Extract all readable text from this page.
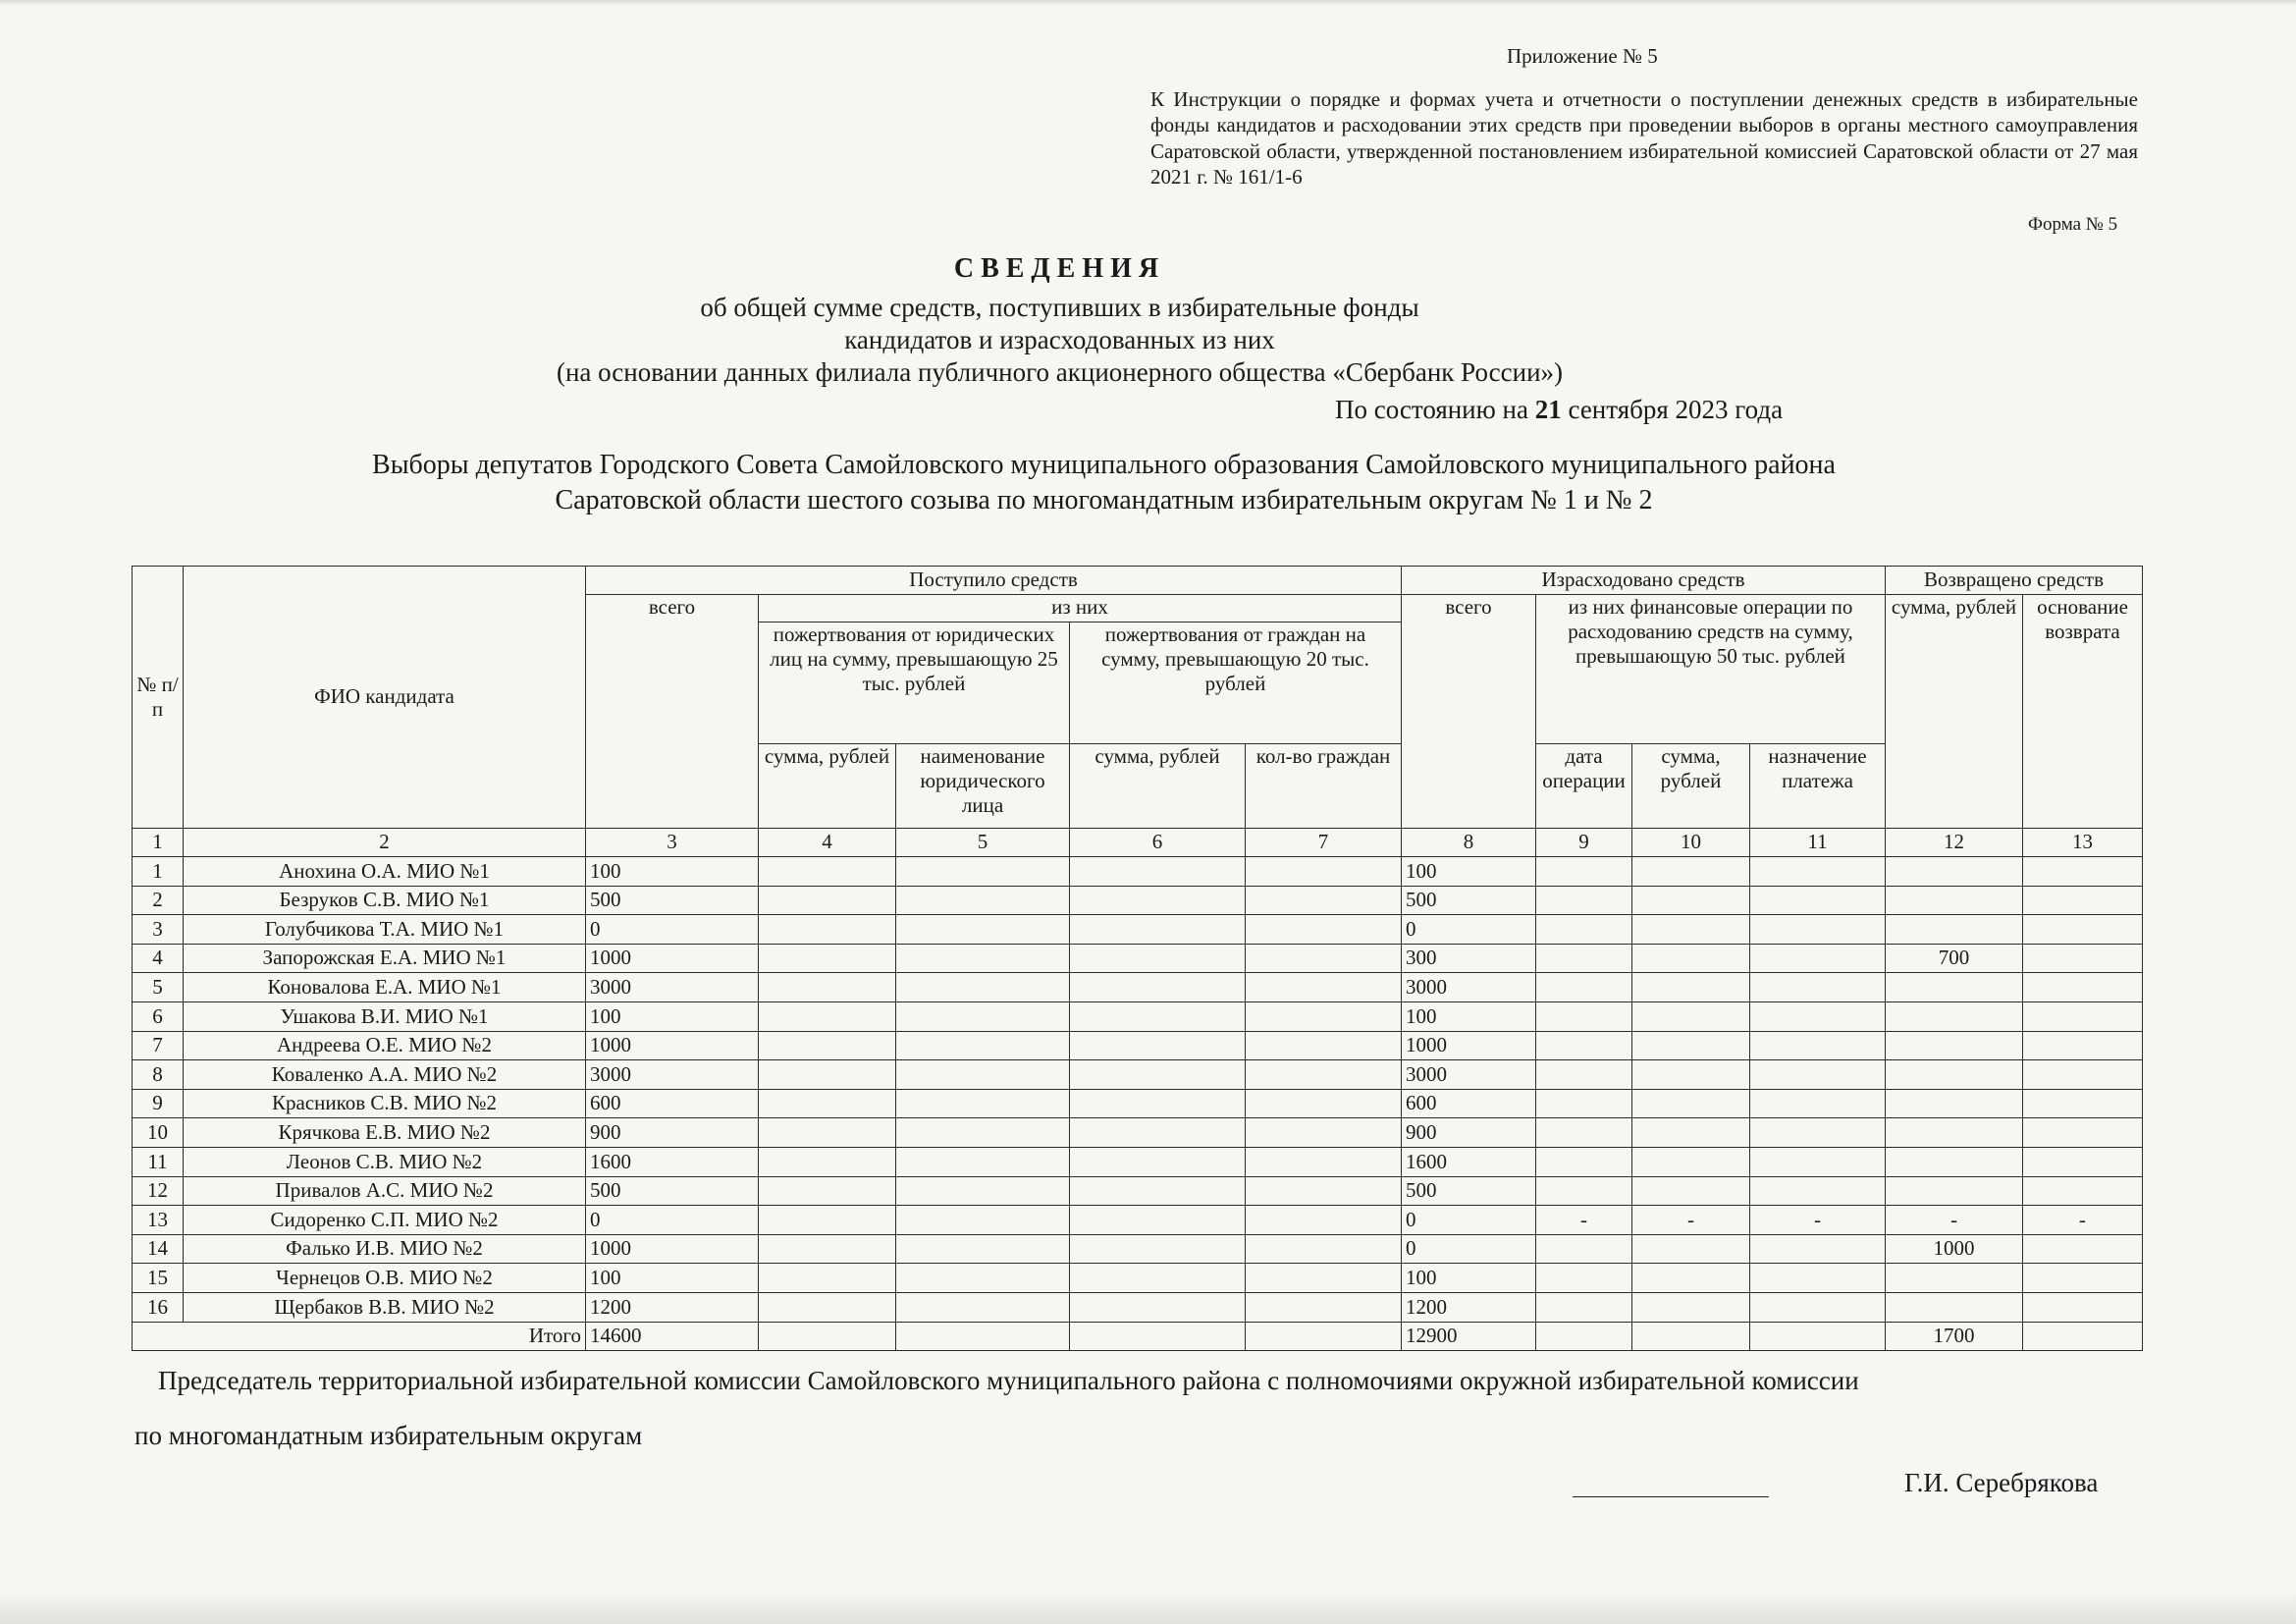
Приложение № 5
К Инструкции о порядке и формах учета и отчетности о поступлении денежных средств в избирательные фонды кандидатов и расходовании этих средств при проведении выборов в органы местного самоуправления Саратовской области, утвержденной постановлением избирательной комиссией Саратовской области от 27 мая 2021 г. № 161/1-6
Форма № 5
СВЕДЕНИЯ
об общей сумме средств, поступивших в избирательные фонды
кандидатов и израсходованных из них
(на основании данных филиала публичного акционерного общества «Сбербанк России»)
По состоянию на 21 сентября 2023 года
Выборы депутатов Городского Совета Самойловского муниципального образования Самойловского муниципального района
Саратовской области шестого созыва по многомандатным избирательным округам № 1 и № 2
№ п/п	ФИО кандидата	Поступило средств					Израсходовано средств				Возвращено средств	
		всего	из них				всего	из них финансовые операции по расходованию средств на сумму, превышающую 50 тыс. рублей			сумма, рублей	основание возврата
			пожертвования от юридических лиц на сумму, превышающую 25 тыс. рублей		пожертвования от граждан на сумму, превышающую 20 тыс. рублей							
			сумма, рублей	наименование юридического лица	сумма, рублей	кол-во граждан		дата операции	сумма, рублей	назначение платежа		
1	2	3	4	5	6	7	8	9	10	11	12	13
1	Анохина О.А. МИО №1	100					100					
2	Безруков С.В. МИО №1	500					500					
3	Голубчикова Т.А. МИО №1	0					0					
4	Запорожская Е.А. МИО №1	1000					300				700	
5	Коновалова Е.А. МИО №1	3000					3000					
6	Ушакова В.И. МИО №1	100					100					
7	Андреева О.Е. МИО №2	1000					1000					
8	Коваленко А.А. МИО №2	3000					3000					
9	Красников С.В. МИО №2	600					600					
10	Крячкова Е.В. МИО №2	900					900					
11	Леонов С.В. МИО №2	1600					1600					
12	Привалов А.С. МИО №2	500					500					
13	Сидоренко С.П. МИО №2	0					0	-	-	-	-	-
14	Фалько И.В. МИО №2	1000					0				1000	
15	Чернецов О.В. МИО №2	100					100					
16	Щербаков В.В. МИО №2	1200					1200					
Итого		14600					12900				1700	
Председатель территориальной избирательной комиссии Самойловского муниципального района с полномочиями окружной избирательной комиссии
по многомандатным избирательным округам
Г.И. Серебрякова
